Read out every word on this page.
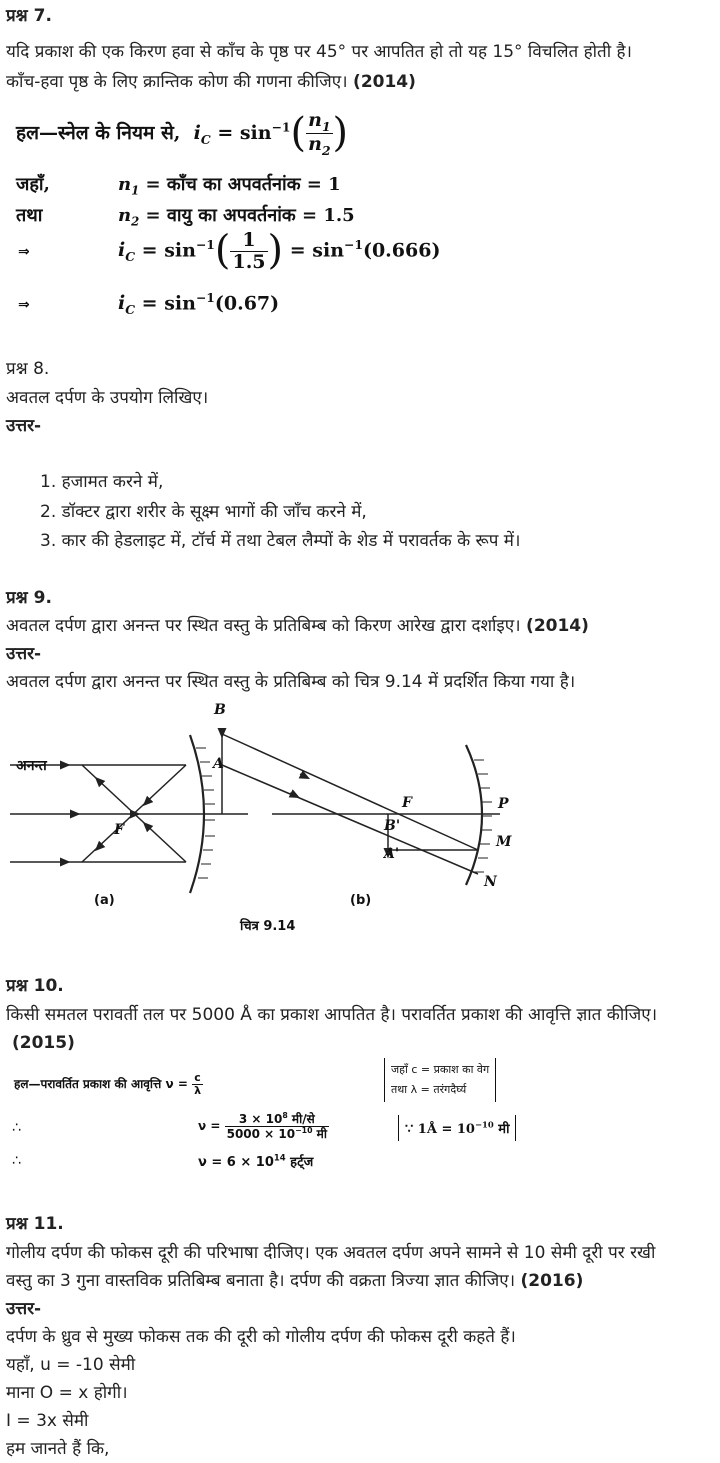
प्रश्न 7.
यदि प्रकाश की एक किरण हवा से काँच के पृष्ठ पर 45° पर आपतित हो तो यह 15° विचलित होती है।
काँच-हवा पृष्ठ के लिए क्रान्तिक कोण की गणना कीजिए। (2014)
हल—स्नेल के नियम से, $i_C = \sin^{-1}( \frac{n_1}{n_2}$ )
जहाँ,	$n_1$ = काँच का अपवर्तनांक = 1
तथा	$n_2$ = वायु का अपवर्तनांक = 1.5
⇒	$i_C = \sin^{-1}( \frac{1}{1.5}$ ) = $\sin^{-1}(0.666)$
⇒	$i_C = \sin^{-1}(0.67)$
प्रश्न 8.
अवतल दर्पण के उपयोग लिखिए।
उत्तर-
1. हजामत करने में,
2. डॉक्टर द्वारा शरीर के सूक्ष्म भागों की जाँच करने में,
3. कार की हेडलाइट में, टॉर्च में तथा टेबल लैम्पों के शेड में परावर्तक के रूप में।
प्रश्न 9.
अवतल दर्पण द्वारा अनन्त पर स्थित वस्तु के प्रतिबिम्ब को किरण आरेख द्वारा दर्शाइए। (2014)
उत्तर-
अवतल दर्पण द्वारा अनन्त पर स्थित वस्तु के प्रतिबिम्ब को चित्र 9.14 में प्रदर्शित किया गया है।
अनन्त
F
B
A
F	P
B'
M
A'
N
(a)	(b)
चित्र 9.14
प्रश्न 10.
किसी समतल परावर्ती तल पर 5000 Å का प्रकाश आपतित है। परावर्तित प्रकाश की आवृत्ति ज्ञात कीजिए।
(2015)
हल—परावर्तित प्रकाश की आवृत्ति $\nu = \frac{c}{\lambda}$
जहाँ c = प्रकाश का वेग
तथा λ = तरंगदैर्घ्य
∴	$\nu = \frac{3 \times 10^8 मी/से}{5000 \times 10^{-10} मी}$	∵ 1Å = $10^{-10}$ मी
∴	$\nu = 6 \times 10^{14}$ हर्ट्ज
प्रश्न 11.
गोलीय दर्पण की फोकस दूरी की परिभाषा दीजिए। एक अवतल दर्पण अपने सामने से 10 सेमी दूरी पर रखी
वस्तु का 3 गुना वास्तविक प्रतिबिम्ब बनाता है। दर्पण की वक्रता त्रिज्या ज्ञात कीजिए। (2016)
उत्तर-
दर्पण के ध्रुव से मुख्य फोकस तक की दूरी को गोलीय दर्पण की फोकस दूरी कहते हैं।
यहाँ, u = -10 सेमी
माना O = x होगी।
I = 3x सेमी
हम जानते हैं कि,
